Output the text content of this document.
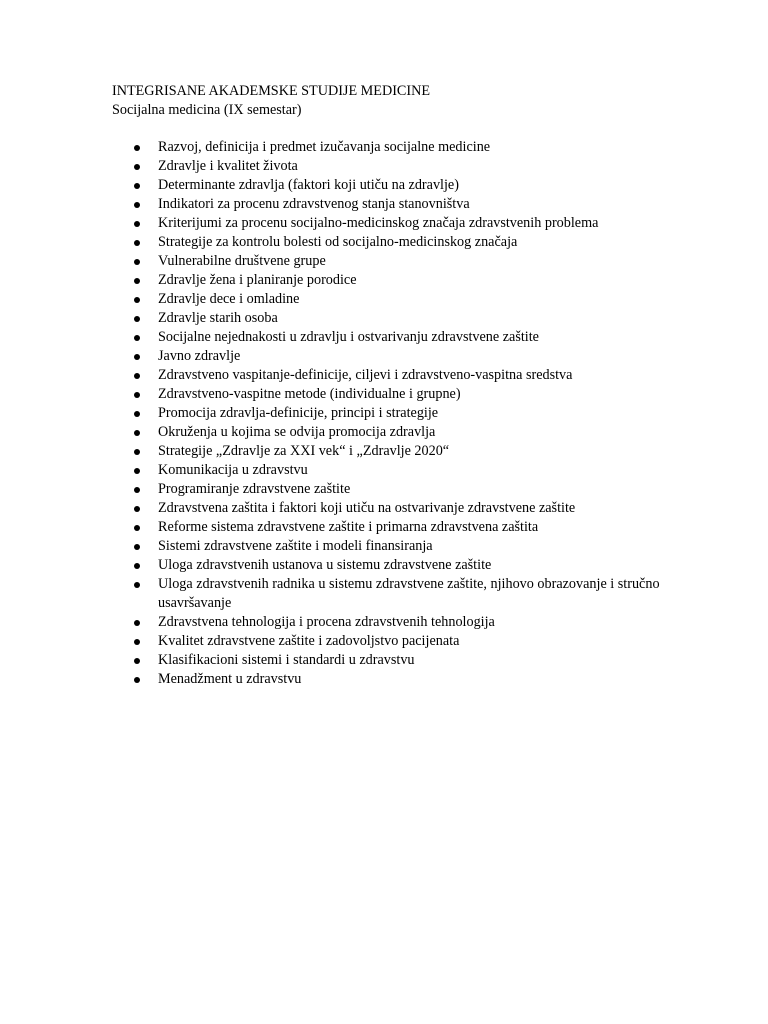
INTEGRISANE AKADEMSKE STUDIJE MEDICINE

Socijalna medicina (IX semestar)

Razvoj, definicija i predmet izučavanja socijalne medicine
Zdravlje i kvalitet života
Determinante zdravlja (faktori koji utiču na zdravlje)
Indikatori za procenu zdravstvenog stanja stanovništva
Kriterijumi za procenu socijalno-medicinskog značaja zdravstvenih problema
Strategije za kontrolu bolesti od socijalno-medicinskog značaja
Vulnerabilne društvene grupe
Zdravlje žena i planiranje porodice
Zdravlje dece i omladine
Zdravlje starih osoba
Socijalne nejednakosti u zdravlju i ostvarivanju zdravstvene zaštite
Javno zdravlje
Zdravstveno vaspitanje-definicije, ciljevi i zdravstveno-vaspitna sredstva
Zdravstveno-vaspitne metode (individualne i grupne)
Promocija zdravlja-definicije, principi i strategije
Okruženja u kojima se odvija promocija zdravlja
Strategije „Zdravlje za XXI vek“ i „Zdravlje 2020“
Komunikacija u zdravstvu
Programiranje zdravstvene zaštite
Zdravstvena zaštita i faktori koji utiču na ostvarivanje zdravstvene zaštite
Reforme sistema zdravstvene zaštite i primarna zdravstvena zaštita
Sistemi zdravstvene zaštite i modeli finansiranja
Uloga zdravstvenih ustanova u sistemu zdravstvene zaštite
Uloga zdravstvenih radnika u sistemu zdravstvene zaštite, njihovo obrazovanje i stručno usavršavanje
Zdravstvena tehnologija i procena zdravstvenih tehnologija
Kvalitet zdravstvene zaštite i zadovoljstvo pacijenata
Klasifikacioni sistemi i standardi u zdravstvu
Menadžment u zdravstvu
